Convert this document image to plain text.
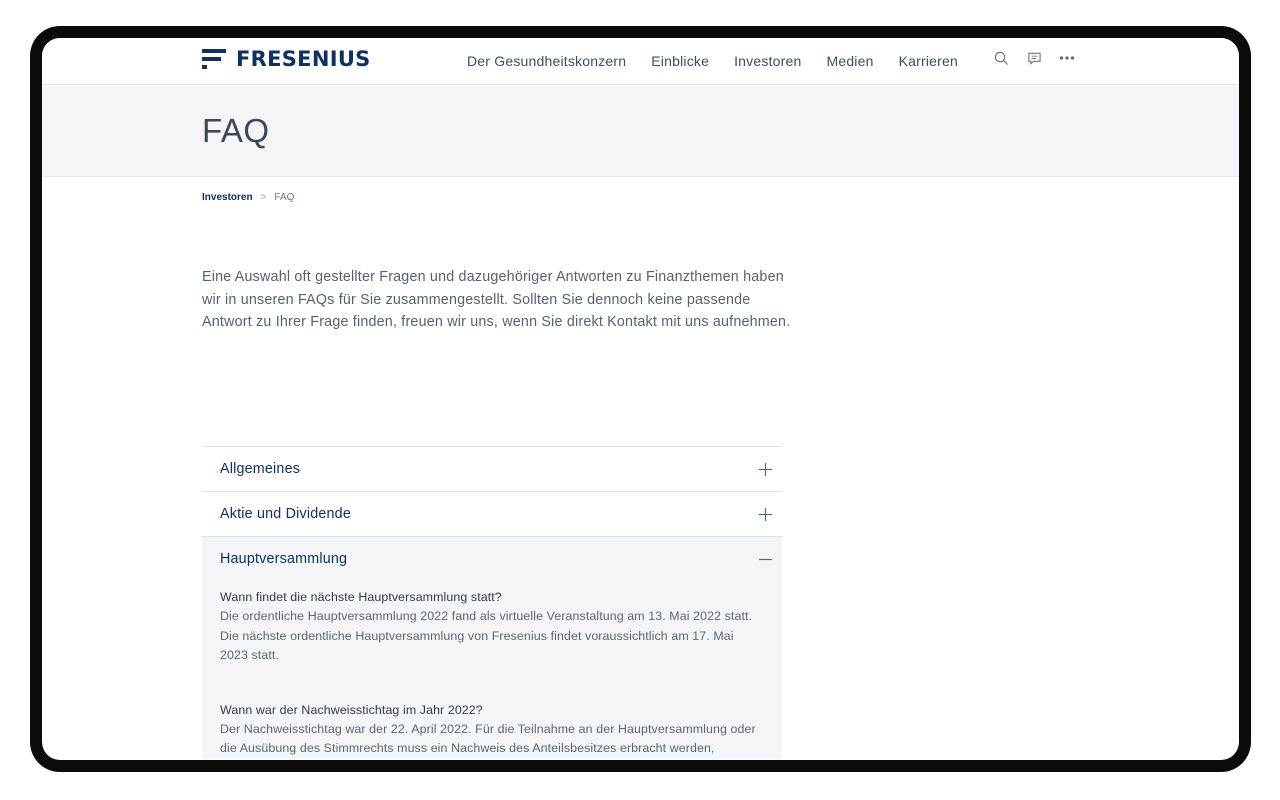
FRESENIUS	Der Gesundheitskonzern Einblicke Investoren Medien Karrieren
FAQ
Investoren > FAQ

Eine Auswahl oft gestellter Fragen und dazugehöriger Antworten zu Finanzthemen haben wir in unseren FAQs für Sie zusammengestellt. Sollten Sie dennoch keine passende Antwort zu Ihrer Frage finden, freuen wir uns, wenn Sie direkt Kontakt mit uns aufnehmen.

Allgemeines
Aktie und Dividende
Hauptversammlung
Wann findet die nächste Hauptversammlung statt?
Die ordentliche Hauptversammlung 2022 fand als virtuelle Veranstaltung am 13. Mai 2022 statt. Die nächste ordentliche Hauptversammlung von Fresenius findet voraussichtlich am 17. Mai 2023 statt.
Wann war der Nachweisstichtag im Jahr 2022?
Der Nachweisstichtag war der 22. April 2022. Für die Teilnahme an der Hauptversammlung oder die Ausübung des Stimmrechts muss ein Nachweis des Anteilsbesitzes erbracht werden,
